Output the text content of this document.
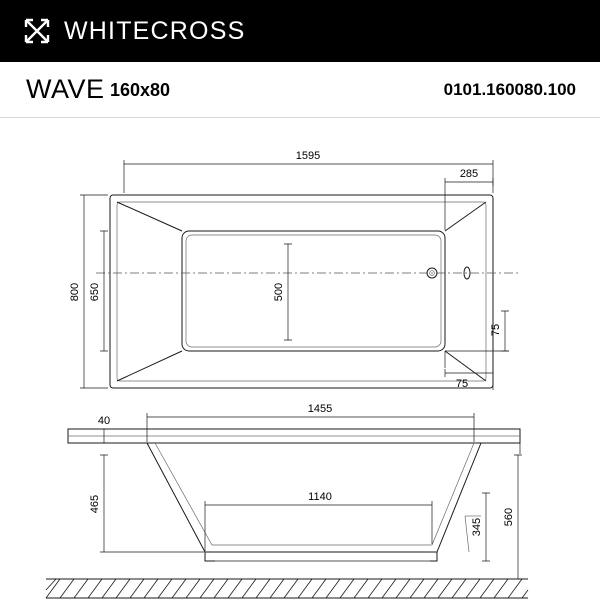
WHITECROSS
WAVE 160x80	0101.160080.100
1595
285
800 650	500
75
75
40
1455
1140
465
345
560
